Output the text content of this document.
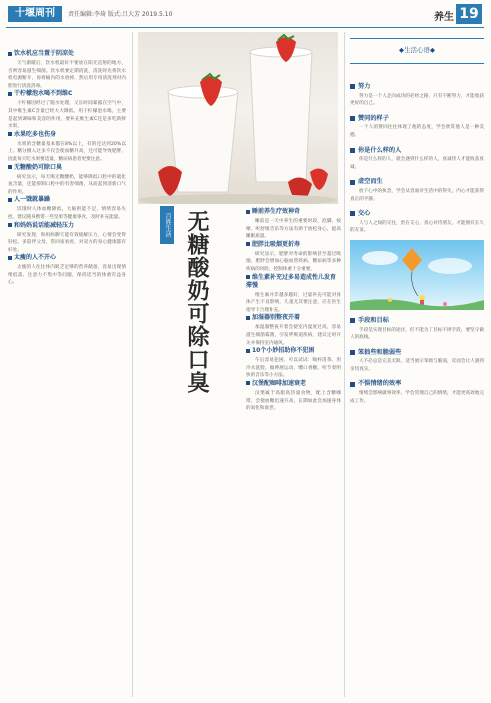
十堰周刊	责任编辑:李琦 版式:吕大芳 2019.5.10	养生 19
饮水机应当置于阴凉处
天气渐暖后，饮水机最好不要放在阳光直射的地方，否则容易滋生细菌。饮水机要定期清洗，清洗时先将饮水机电源断开，再将桶内的水放掉，然后用专用清洗剂对内胆进行清洗消毒。
干柠檬泡水喝不到维C
干柠檬因经过了脱水处理，又长时间暴露在空气中，其中维生素C含量已经大大降低。用干柠檬泡水喝，主要是起到调味和美容的作用，要补充维生素C还是多吃新鲜水果。
水果吃多也伤身
水果的含糖量基本都在8%以上，有的还达到20%以上。糖分摄入过多不仅会使血糖升高，还可能导致肥胖。因此每天吃水果要适量，糖尿病患者更要注意。
无糖酸奶可除口臭
研究显示，每天喝无糖酸奶，能够降低口腔中的硫化氢含量，还能抑制口腔中的有害细菌，从而起到清新口气的作用。
人一饿就暴躁
饥饿时人体血糖降低，大脑供能不足，情绪容易失控。建议随身携带一些坚果等健康零食，及时补充能量。
和妈妈说话能减轻压力
研究发现，和妈妈聊天能有效缓解压力，心情会变得轻松。多陪伴父母，常回家看看，对双方的身心健康都有好处。
太瘦的人不开心
太瘦的人往往体内缺乏足够的营养储备，容易出现情绪低落、注意力不集中等问题，保持适当的体重有益身心。
百姓生活 无糖酸奶可除口臭	睡前养生疗效神奇
睡前是一天中养生的重要时段，泡脚、按摩、听舒缓音乐等方法有助于放松身心，提高睡眠质量。
肥胖比吸烟更折寿
研究显示，肥胖对寿命的影响甚至超过吸烟，肥胖会增加心脑血管疾病、糖尿病等多种疾病的风险，控制体重十分重要。
维生素补充过多易造成性儿发育滞慢
维生素并非越多越好，过量补充可能对身体产生不良影响，儿童尤其要注意，应在医生指导下合理补充。
加湿器别整夜开着
加湿器整夜开着会使室内湿度过高，容易滋生细菌霉菌，引发呼吸道疾病，建议定时开关并保持室内通风。
10个小妙招助你不犯困
午后容易犯困，可以试试：喝杯清茶、用冷水洗脸、做伸展运动、嚼口香糖、听节奏明快的音乐等小方法。
汉堡配咖啡加速衰老
汉堡属于高脂高热量食物，配上含糖咖啡，会使血糖迅速升高，长期如此会加速身体的氧化和衰老。
◆生活心语◆
努力
努力是一个人走向成功的必经之路，只有不断努力，才能收获更好的自己。
赞同的样子
一个人的赞同往往体现了他的态度，学会欣赏他人是一种美德。
你是什么样的人
你是什么样的人，就会遇到什么样的人，真诚待人才能收获真诚。
虚空而生
放下心中的执念，学会从容面对生活中的得失，内心才能获得真正的平静。
交心
人与人之间的交往，贵在交心，真心对待朋友，才能拥有长久的友谊。
手段和目标
手段是实现目标的途径，但不能为了目标不择手段，要坚守做人的底线。
笨拙些和脆弱些
人不必总是完美无缺，适当展示笨拙与脆弱，反而会让人感到亲切真实。
不惧情绪的效率
情绪会影响做事效率，学会管理自己的情绪，才能更高效地完成工作。
